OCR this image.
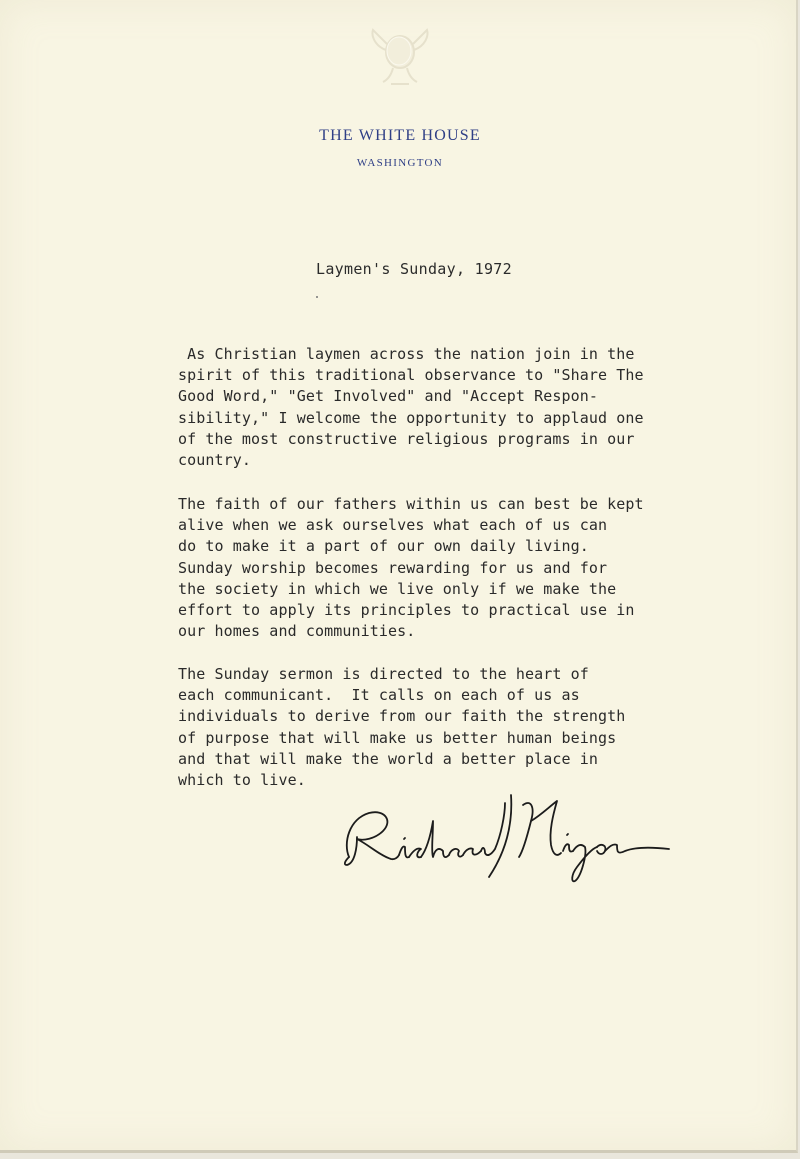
THE WHITE HOUSE
WASHINGTON
Laymen's Sunday, 1972

As Christian laymen across the nation join in the
spirit of this traditional observance to "Share The
Good Word," "Get Involved" and "Accept Respon-
sibility," I welcome the opportunity to applaud one
of the most constructive religious programs in our
country.

The faith of our fathers within us can best be kept
alive when we ask ourselves what each of us can
do to make it a part of our own daily living.
Sunday worship becomes rewarding for us and for
the society in which we live only if we make the
effort to apply its principles to practical use in
our homes and communities.

The Sunday sermon is directed to the heart of
each communicant.  It calls on each of us as
individuals to derive from our faith the strength
of purpose that will make us better human beings
and that will make the world a better place in
which to live.
